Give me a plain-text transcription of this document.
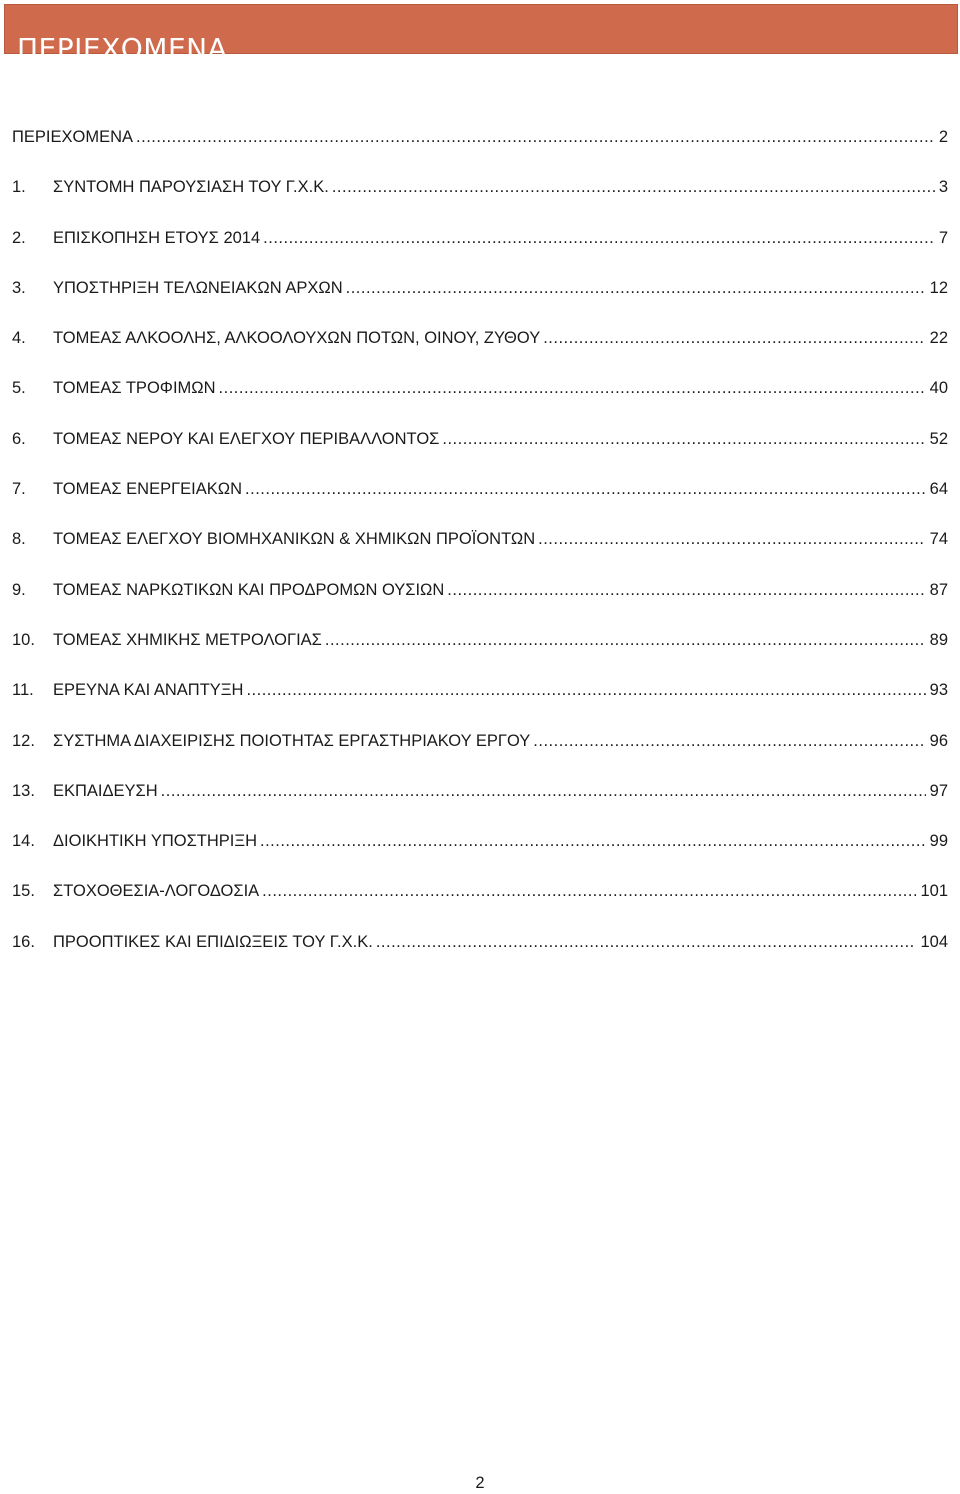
ΠΕΡΙΕΧΟΜΕΝΑ
ΠΕΡΙΕΧΟΜΕΝΑ .....	2
1.	ΣΥΝΤΟΜΗ ΠΑΡΟΥΣΙΑΣΗ ΤΟΥ Γ.Χ.Κ. .....	3
2.	ΕΠΙΣΚΟΠΗΣΗ ΕΤΟΥΣ 2014 .....	7
3.	ΥΠΟΣΤΗΡΙΞΗ ΤΕΛΩΝΕΙΑΚΩΝ ΑΡΧΩΝ .....	12
4.	ΤΟΜΕΑΣ ΑΛΚΟΟΛΗΣ, ΑΛΚΟΟΛΟΥΧΩΝ ΠΟΤΩΝ, ΟΙΝΟΥ, ΖΥΘΟΥ .....	22
5.	ΤΟΜΕΑΣ ΤΡΟΦΙΜΩΝ .....	40
6.	ΤΟΜΕΑΣ ΝΕΡΟΥ ΚΑΙ ΕΛΕΓΧΟΥ ΠΕΡΙΒΑΛΛΟΝΤΟΣ .....	52
7.	ΤΟΜΕΑΣ ΕΝΕΡΓΕΙΑΚΩΝ .....	64
8.	ΤΟΜΕΑΣ ΕΛΕΓΧΟΥ ΒΙΟΜΗΧΑΝΙΚΩΝ & ΧΗΜΙΚΩΝ ΠΡΟΪΟΝΤΩΝ .....	74
9.	ΤΟΜΕΑΣ ΝΑΡΚΩΤΙΚΩΝ ΚΑΙ ΠΡΟΔΡΟΜΩΝ ΟΥΣΙΩΝ .....	87
10.	ΤΟΜΕΑΣ ΧΗΜΙΚΗΣ ΜΕΤΡΟΛΟΓΙΑΣ .....	89
11.	ΕΡΕΥΝΑ ΚΑΙ ΑΝΑΠΤΥΞΗ .....	93
12.	ΣΥΣΤΗΜΑ ΔΙΑΧΕΙΡΙΣΗΣ ΠΟΙΟΤΗΤΑΣ ΕΡΓΑΣΤΗΡΙΑΚΟΥ ΕΡΓΟΥ .....	96
13.	ΕΚΠΑΙΔΕΥΣΗ .....	97
14.	ΔΙΟΙΚΗΤΙΚΗ ΥΠΟΣΤΗΡΙΞΗ .....	99
15.	ΣΤΟΧΟΘΕΣΙΑ-ΛΟΓΟΔΟΣΙΑ .....	101
16.	ΠΡΟΟΠΤΙΚΕΣ ΚΑΙ ΕΠΙΔΙΩΞΕΙΣ ΤΟΥ Γ.Χ.Κ. .....	104
2
